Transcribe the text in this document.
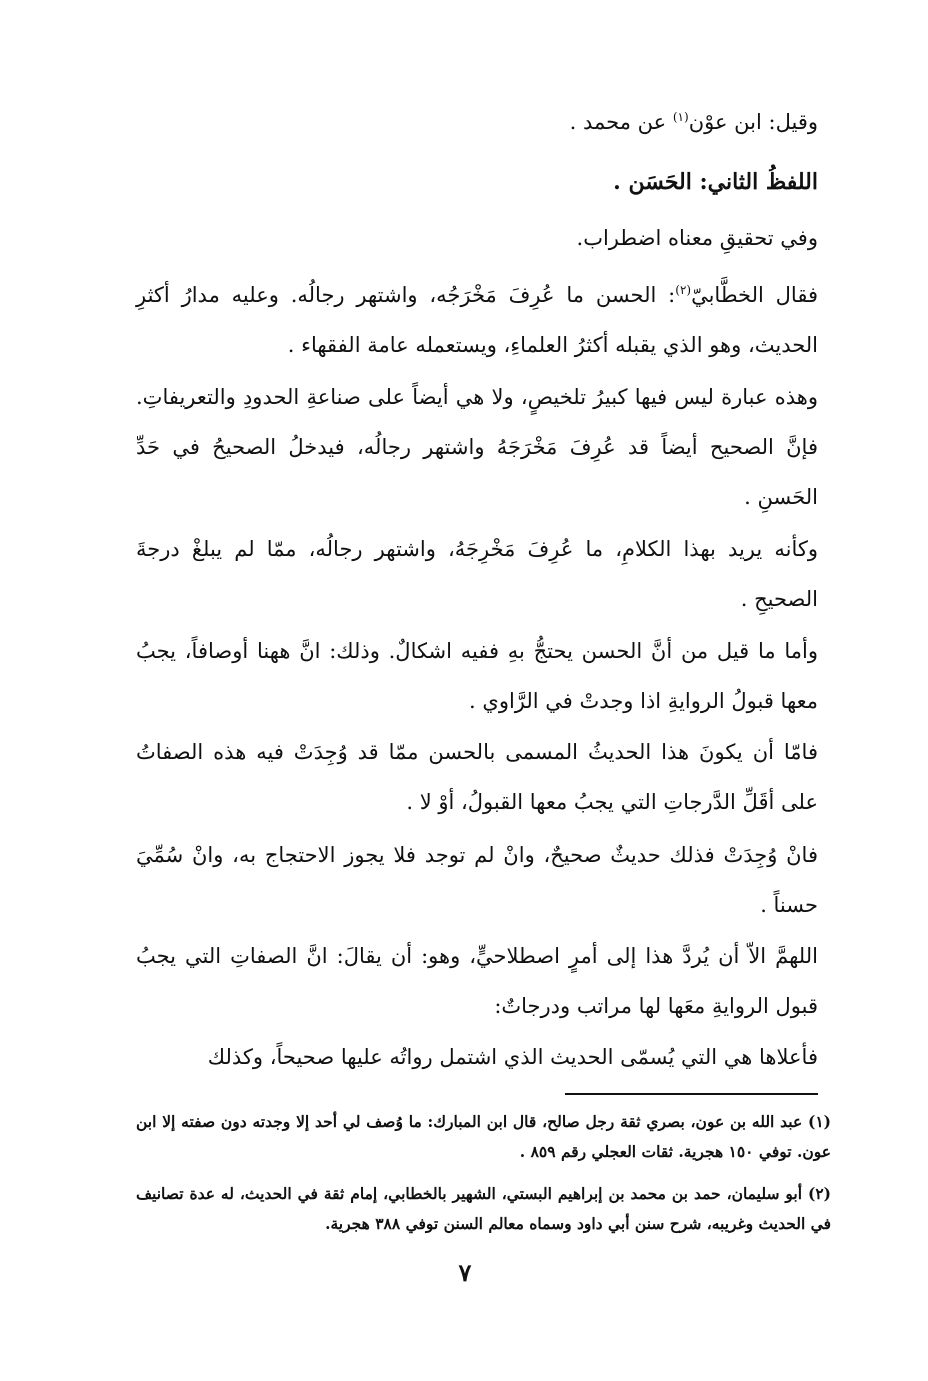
وقيل: ابن عوْن$^{(١)}$ عن محمد .

اللفظُ الثاني: الحَسَن .

وفي تحقيقِ معناه اضطراب.

فقال الخطَّابيّ$^{(٢)}$: الحسن ما عُرِفَ مَخْرَجُه، واشتهر رجالُه. وعليه مدارُ أكثرِ الحديث، وهو الذي يقبله أكثرُ العلماءِ، ويستعمله عامة الفقهاء .

وهذه عبارة ليس فيها كبيرُ تلخيصٍ، ولا هي أيضاً على صناعةِ الحدودِ والتعريفاتِ. فإنَّ الصحيح أيضاً قد عُرِفَ مَخْرَجَهُ واشتهر رجالُه، فيدخلُ الصحيحُ في حَدِّ الحَسنِ .

وكأنه يريد بهذا الكلامِ، ما عُرِفَ مَخْرِجَهُ، واشتهر رجالُه، ممّا لم يبلغْ درجةَ الصحيحِ .

وأما ما قيل من أنَّ الحسن يحتجُّ بهِ ففيه اشكالٌ. وذلك: انَّ ههنا أوصافاً، يجبُ معها قبولُ الروايةِ اذا وجدتْ في الرَّاوي .

فامّا أن يكونَ هذا الحديثُ المسمى بالحسن ممّا قد وُجِدَتْ فيه هذه الصفاتُ على أقَلِّ الدَّرجاتِ التي يجبُ معها القبولُ، أوْ لا .

فانْ وُجِدَتْ فذلك حديثٌ صحيحٌ، وانْ لم توجد فلا يجوز الاحتجاج به، وانْ سُمِّيَ حسناً .

اللهمَّ الاّ أن يُردَّ هذا إلى أمرٍ اصطلاحيٍّ، وهو: أن يقالَ: انَّ الصفاتِ التي يجبُ قبول الروايةِ معَها لها مراتب ودرجاتٌ:

فأعلاها هي التي يُسمّى الحديث الذي اشتمل رواتُه عليها صحيحاً، وكذلك

(١) عبد الله بن عون، بصري ثقة رجل صالح، قال ابن المبارك: ما وُصف لي أحد إلا وجدته دون صفته إلا ابن عون. توفي ١٥٠ هجرية. ثقات العجلي رقم ٨٥٩ .

(٢) أبو سليمان، حمد بن محمد بن إبراهيم البستي، الشهير بالخطابي، إمام ثقة في الحديث، له عدة تصانيف في الحديث وغريبه، شرح سنن أبي داود وسماه معالم السنن توفي ٣٨٨ هجرية.

٧
